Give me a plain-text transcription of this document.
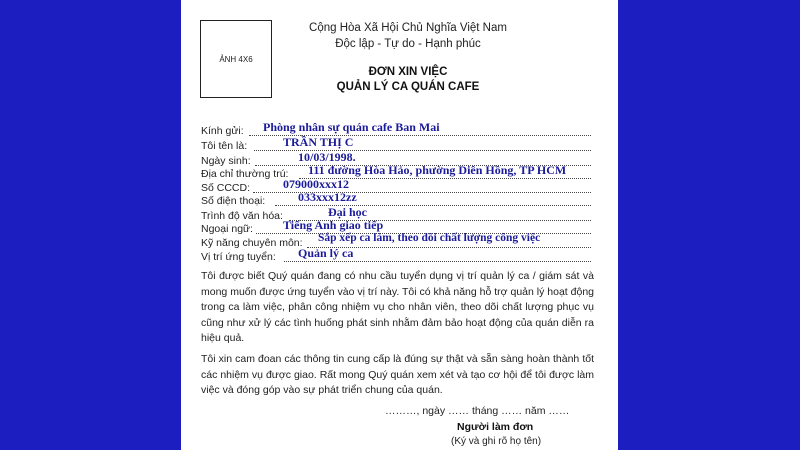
ẢNH 4X6
Cộng Hòa Xã Hội Chủ Nghĩa Việt Nam
Độc lập - Tự do - Hạnh phúc
ĐƠN XIN VIỆC
QUẢN LÝ CA QUÁN CAFE
Kính gửi: Phòng nhân sự quán cafe Ban Mai
Tôi tên là:	TRẦN THỊ C
Ngày sinh:	10/03/1998.
Địa chỉ thường trú: 111 đường Hòa Hảo, phường Diên Hồng, TP HCM
Số CCCD:	079000xxx12
Số điện thoại:	033xxx12zz
Trình độ văn hóa:	Đại học
Ngoại ngữ:	Tiếng Anh giao tiếp
Kỹ năng chuyên môn: Sắp xếp ca làm, theo dõi chất lượng công việc
Vị trí ứng tuyển: Quản lý ca

Tôi được biết Quý quán đang có nhu cầu tuyển dụng vị trí quản lý ca / giám sát và mong muốn được ứng tuyển vào vị trí này. Tôi có khả năng hỗ trợ quản lý hoạt động trong ca làm việc, phân công nhiệm vụ cho nhân viên, theo dõi chất lượng phục vụ cũng như xử lý các tình huống phát sinh nhằm đảm bảo hoạt động của quán diễn ra hiệu quả.

Tôi xin cam đoan các thông tin cung cấp là đúng sự thật và sẵn sàng hoàn thành tốt các nhiệm vụ được giao. Rất mong Quý quán xem xét và tạo cơ hội để tôi được làm việc và đóng góp vào sự phát triển chung của quán.

………, ngày …… tháng …… năm ……
Người làm đơn
(Ký và ghi rõ họ tên)
